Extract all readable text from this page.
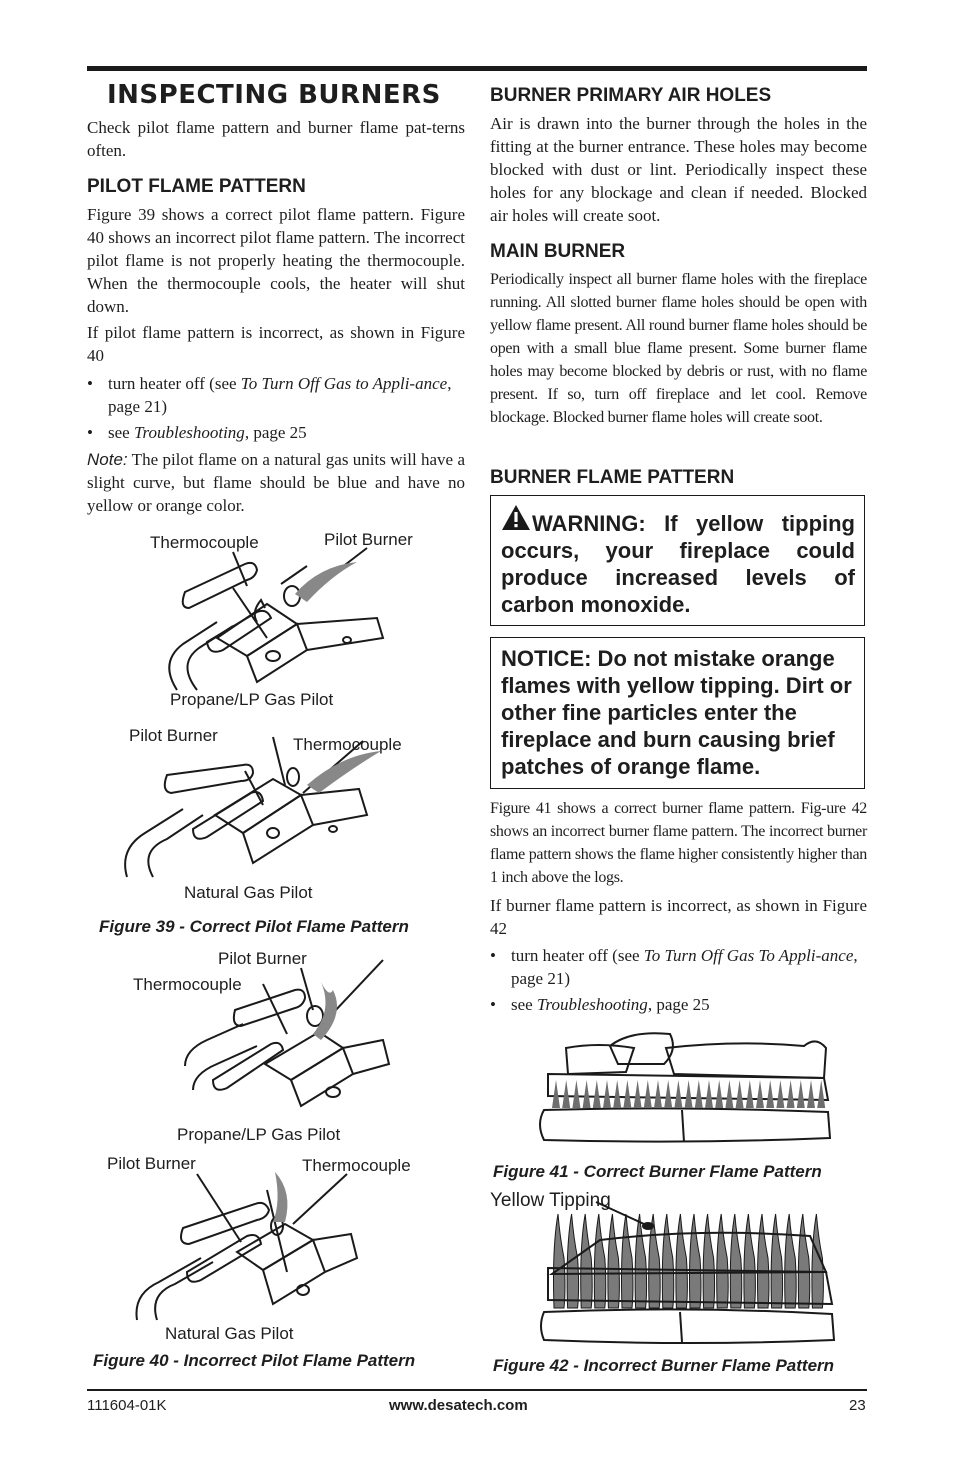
INSPECTING BURNERS

Check pilot flame pattern and burner flame pat-terns often.

PILOT FLAME PATTERN

Figure 39 shows a correct pilot flame pattern. Figure 40 shows an incorrect pilot flame pattern. The incorrect pilot flame is not properly heating the thermocouple. When the thermocouple cools, the heater will shut down.

If pilot flame pattern is incorrect, as shown in Figure 40

• turn heater off (see To Turn Off Gas to Appli-ance, page 21)
• see Troubleshooting, page 25

Note: The pilot flame on a natural gas units will have a slight curve, but flame should be blue and have no yellow or orange color.

Thermocouple	Pilot Burner
Propane/LP Gas Pilot
Pilot Burner	Thermocouple
Natural Gas Pilot
Figure 39 - Correct Pilot Flame Pattern
Pilot Burner
Thermocouple
Propane/LP Gas Pilot
Pilot Burner	Thermocouple
Natural Gas Pilot
Figure 40 - Incorrect Pilot Flame Pattern
BURNER PRIMARY AIR HOLES

Air is drawn into the burner through the holes in the fitting at the burner entrance. These holes may become blocked with dust or lint. Periodically inspect these holes for any blockage and clean if needed. Blocked air holes will create soot.

MAIN BURNER

Periodically inspect all burner flame holes with the fireplace running. All slotted burner flame holes should be open with yellow flame present. All round burner flame holes should be open with a small blue flame present. Some burner flame holes may become blocked by debris or rust, with no flame present. If so, turn off fireplace and let cool. Remove blockage. Blocked burner flame holes will create soot.

BURNER FLAME PATTERN

WARNING: If yellow tipping occurs, your fireplace could produce increased levels of carbon monoxide.

NOTICE: Do not mistake orange flames with yellow tipping. Dirt or other fine particles enter the fireplace and burn causing brief patches of orange flame.

Figure 41 shows a correct burner flame pattern. Fig-ure 42 shows an incorrect burner flame pattern. The incorrect burner flame pattern shows the flame higher consistently higher than 1 inch above the logs.

If burner flame pattern is incorrect, as shown in Figure 42

• turn heater off (see To Turn Off Gas To Appli-ance, page 21)
• see Troubleshooting, page 25
Figure 41 - Correct Burner Flame Pattern
Yellow Tipping
Figure 42 - Incorrect Burner Flame Pattern
111604-01K	www.desatech.com	23
